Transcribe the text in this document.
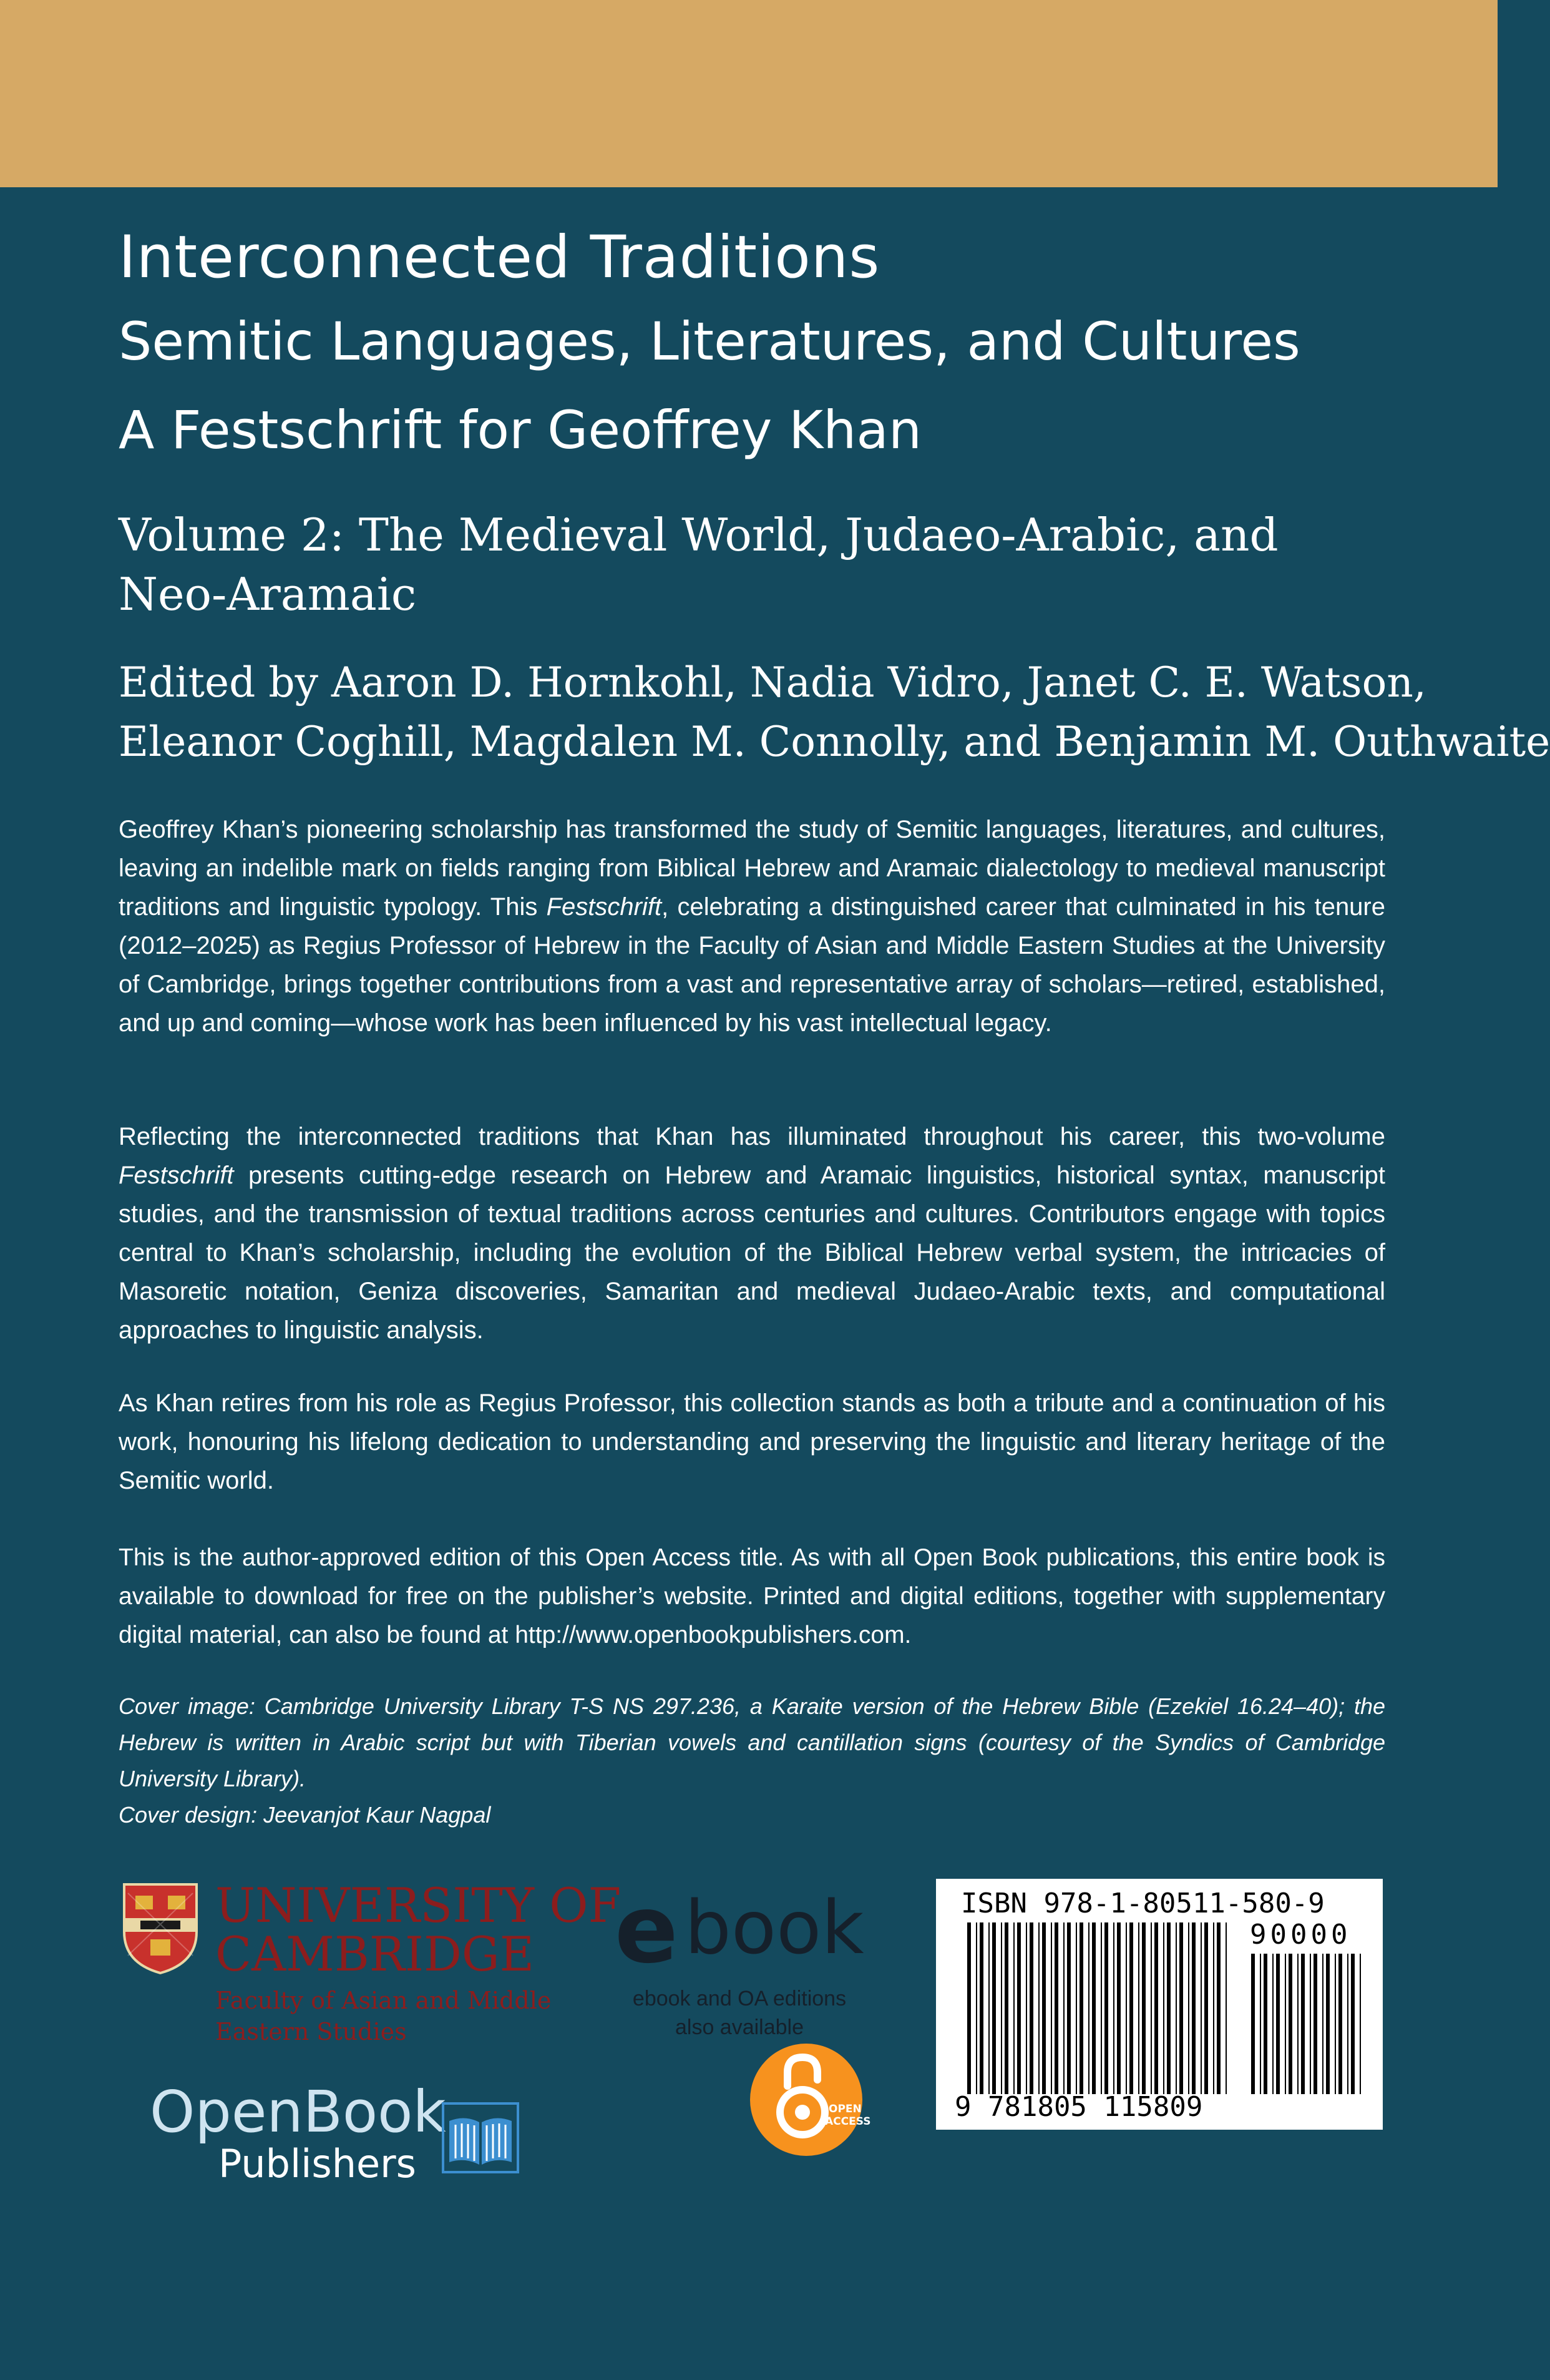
Interconnected Traditions
Semitic Languages, Literatures, and Cultures
A Festschrift for Geoffrey Khan
Volume 2: The Medieval World, Judaeo-Arabic, and
Neo-Aramaic
Edited by Aaron D. Hornkohl, Nadia Vidro, Janet C. E. Watson,
Eleanor Coghill, Magdalen M. Connolly, and Benjamin M. Outhwaite

Geoffrey Khan’s pioneering scholarship has transformed the study of Semitic languages, literatures, and cultures, leaving an indelible mark on fields ranging from Biblical Hebrew and Aramaic dialectology to medieval manuscript traditions and linguistic typology. This Festschrift, celebrating a distinguished career that culminated in his tenure (2012–2025) as Regius Professor of Hebrew in the Faculty of Asian and Middle Eastern Studies at the University of Cambridge, brings together contributions from a vast and representative array of scholars—retired, established, and up and coming—whose work has been influenced by his vast intellectual legacy.

Reflecting the interconnected traditions that Khan has illuminated throughout his career, this two-volume Festschrift presents cutting-edge research on Hebrew and Aramaic linguistics, historical syntax, manuscript studies, and the transmission of textual traditions across centuries and cultures. Contributors engage with topics central to Khan’s scholarship, including the evolution of the Biblical Hebrew verbal system, the intricacies of Masoretic notation, Geniza discoveries, Samaritan and medieval Judaeo-Arabic texts, and computational approaches to linguistic analysis.

As Khan retires from his role as Regius Professor, this collection stands as both a tribute and a continuation of his work, honouring his lifelong dedication to understanding and preserving the linguistic and literary heritage of the Semitic world.

This is the author-approved edition of this Open Access title. As with all Open Book publications, this entire book is available to download for free on the publisher’s website. Printed and digital editions, together with supplementary digital material, can also be found at http://www.openbookpublishers.com.

Cover image: Cambridge University Library T-S NS 297.236, a Karaite version of the Hebrew Bible (Ezekiel 16.24–40); the Hebrew is written in Arabic script but with Tiberian vowels and cantillation signs (courtesy of the Syndics of Cambridge University Library).
Cover design: Jeevanjot Kaur Nagpal
UNIVERSITY OF
CAMBRIDGE
Faculty of Asian and Middle
Eastern Studies
OpenBook
Publishers
e book
ebook and OA editions
also available
OPEN
ACCESS
ISBN 978-1-80511-580-9
90000
9 781805 115809
